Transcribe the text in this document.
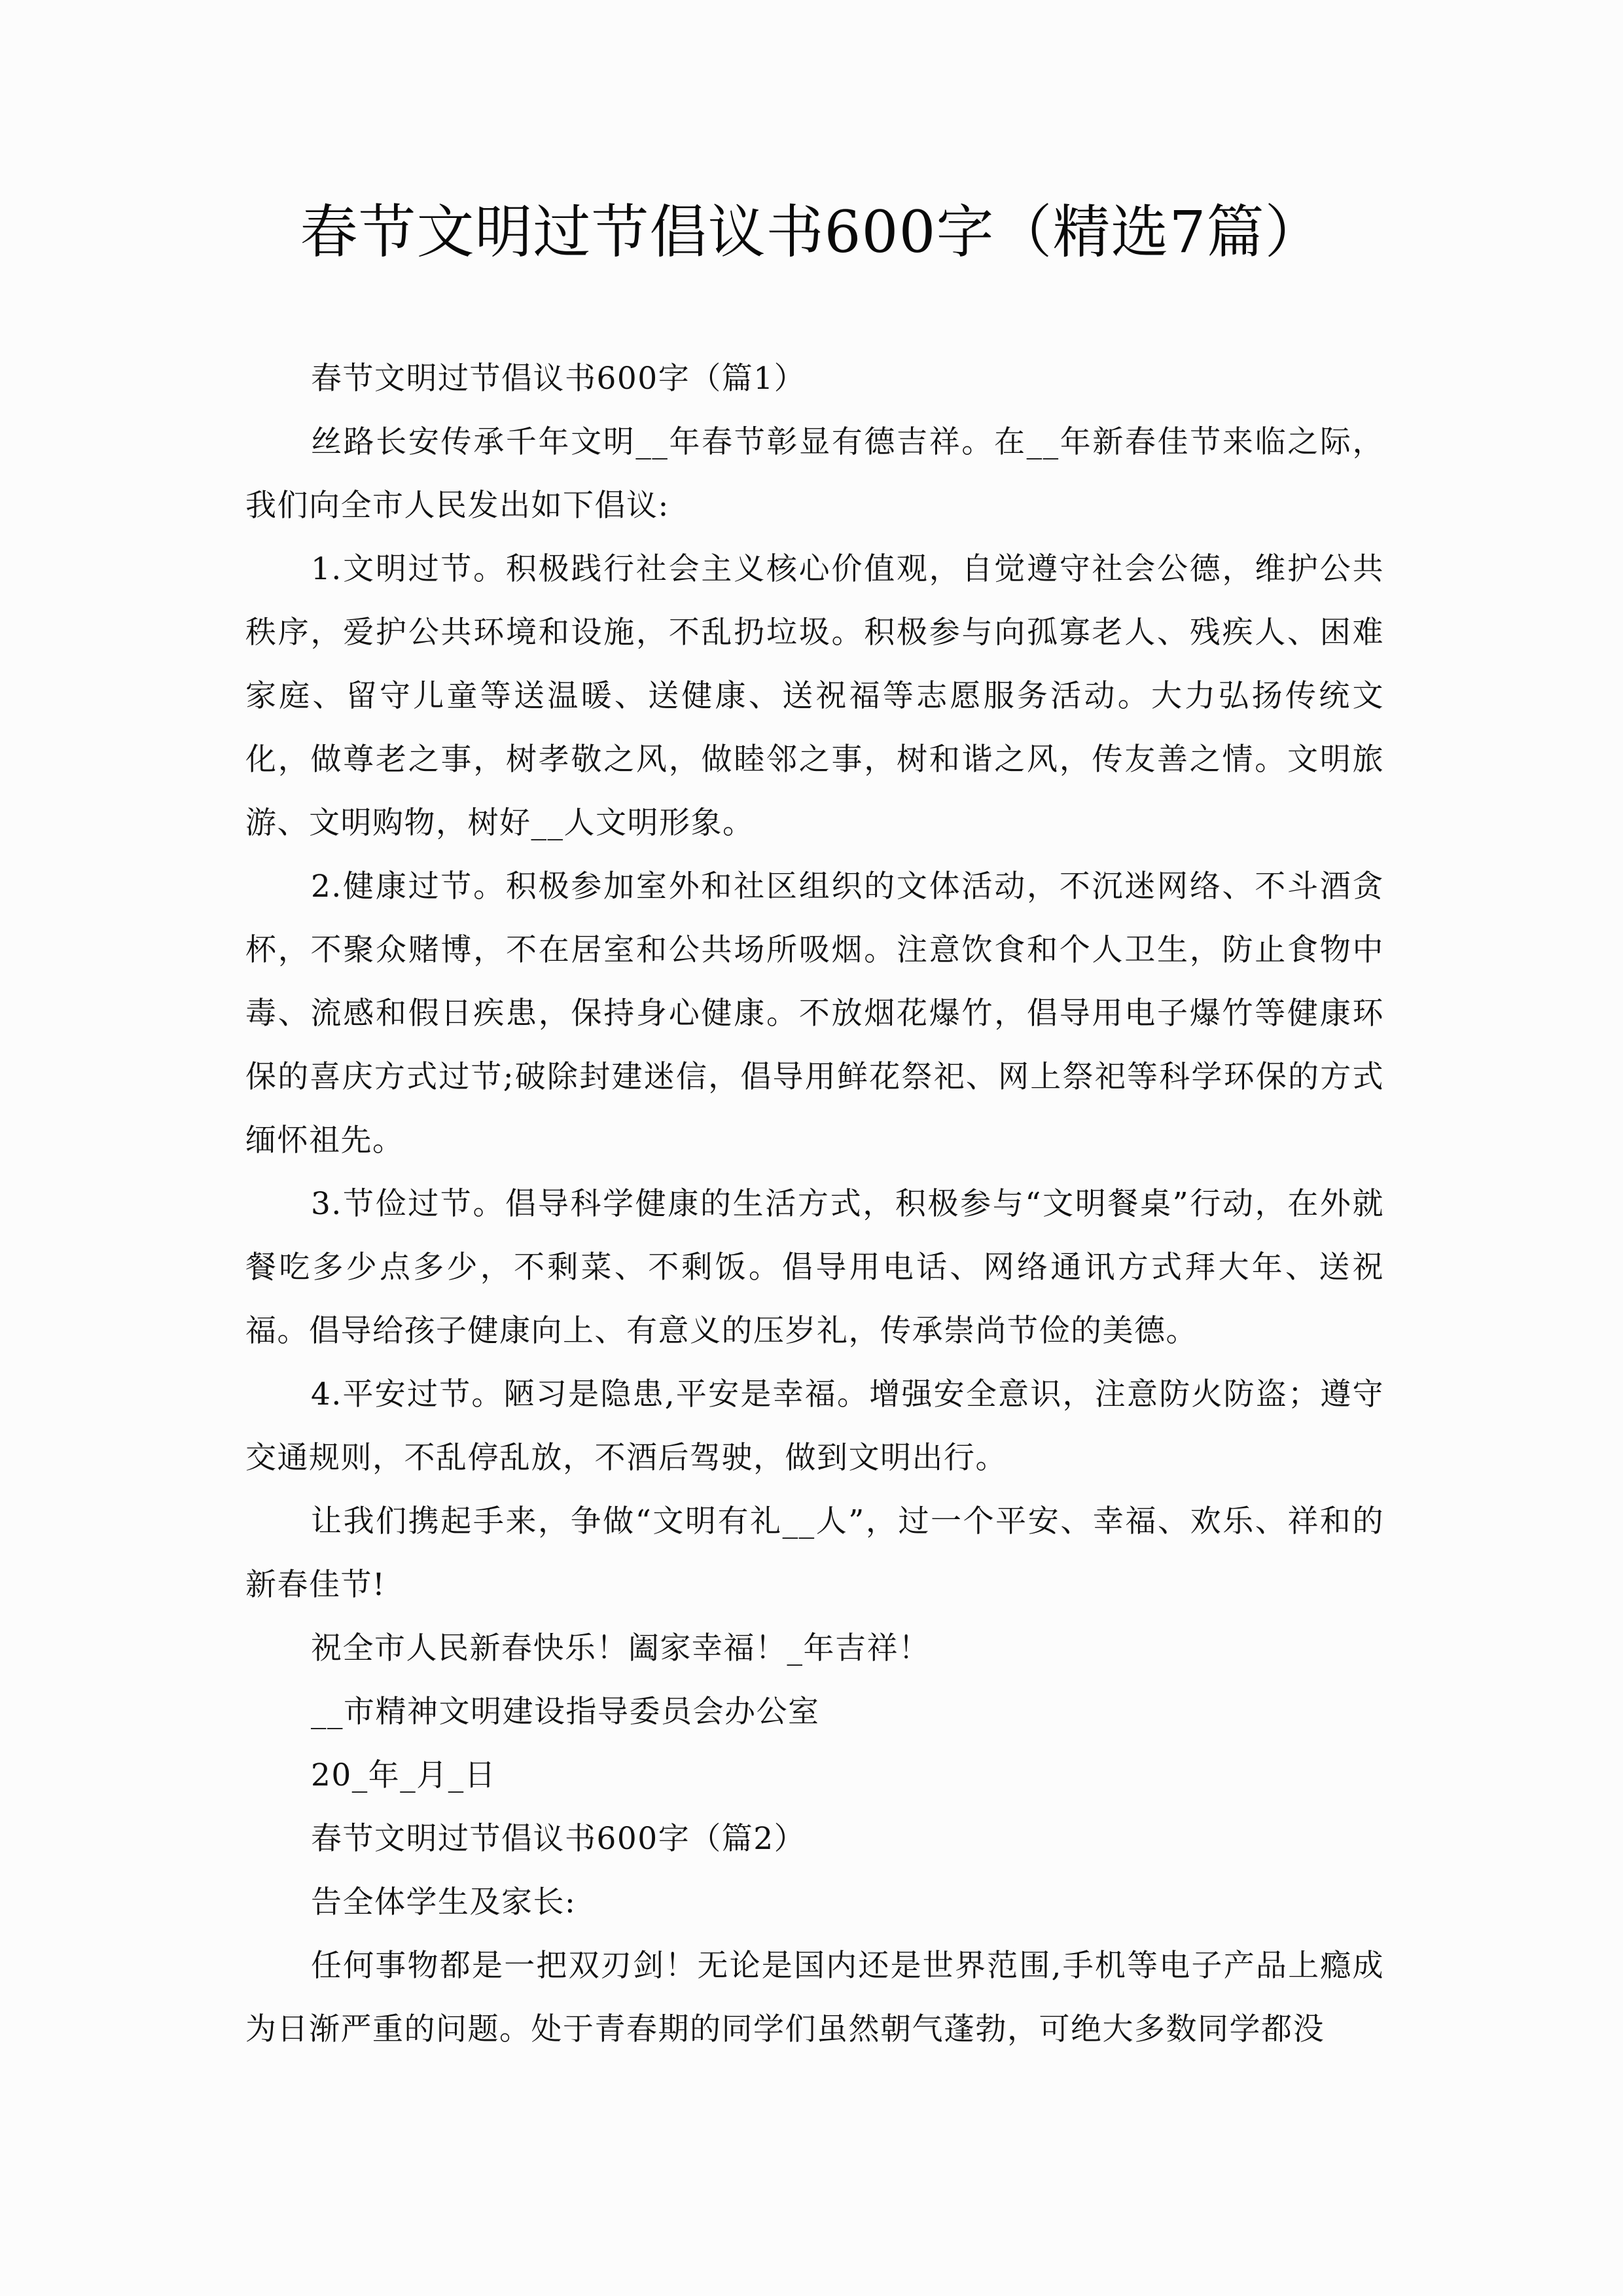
春节文明过节倡议书600字（精选7篇）

春节文明过节倡议书600字（篇1）

丝路长安传承千年文明__年春节彰显有德吉祥。在__年新春佳节来临之际，我们向全市人民发出如下倡议:

1.文明过节。积极践行社会主义核心价值观，自觉遵守社会公德，维护公共秩序，爱护公共环境和设施，不乱扔垃圾。积极参与向孤寡老人、残疾人、困难家庭、留守儿童等送温暖、送健康、送祝福等志愿服务活动。大力弘扬传统文化，做尊老之事，树孝敬之风，做睦邻之事，树和谐之风，传友善之情。文明旅游、文明购物，树好__人文明形象。

2.健康过节。积极参加室外和社区组织的文体活动，不沉迷网络、不斗酒贪杯，不聚众赌博，不在居室和公共场所吸烟。注意饮食和个人卫生，防止食物中毒、流感和假日疾患，保持身心健康。不放烟花爆竹，倡导用电子爆竹等健康环保的喜庆方式过节;破除封建迷信，倡导用鲜花祭祀、网上祭祀等科学环保的方式缅怀祖先。

3.节俭过节。倡导科学健康的生活方式，积极参与“文明餐桌”行动，在外就餐吃多少点多少，不剩菜、不剩饭。倡导用电话、网络通讯方式拜大年、送祝福。倡导给孩子健康向上、有意义的压岁礼，传承崇尚节俭的美德。

4.平安过节。陋习是隐患,平安是幸福。增强安全意识，注意防火防盗；遵守交通规则，不乱停乱放，不酒后驾驶，做到文明出行。

让我们携起手来，争做“文明有礼__人”，过一个平安、幸福、欢乐、祥和的新春佳节!

祝全市人民新春快乐！阖家幸福！_年吉祥！

__市精神文明建设指导委员会办公室

20_年_月_日

春节文明过节倡议书600字（篇2）

告全体学生及家长:

任何事物都是一把双刃剑！无论是国内还是世界范围,手机等电子产品上瘾成为日渐严重的问题。处于青春期的同学们虽然朝气蓬勃，可绝大多数同学都没
